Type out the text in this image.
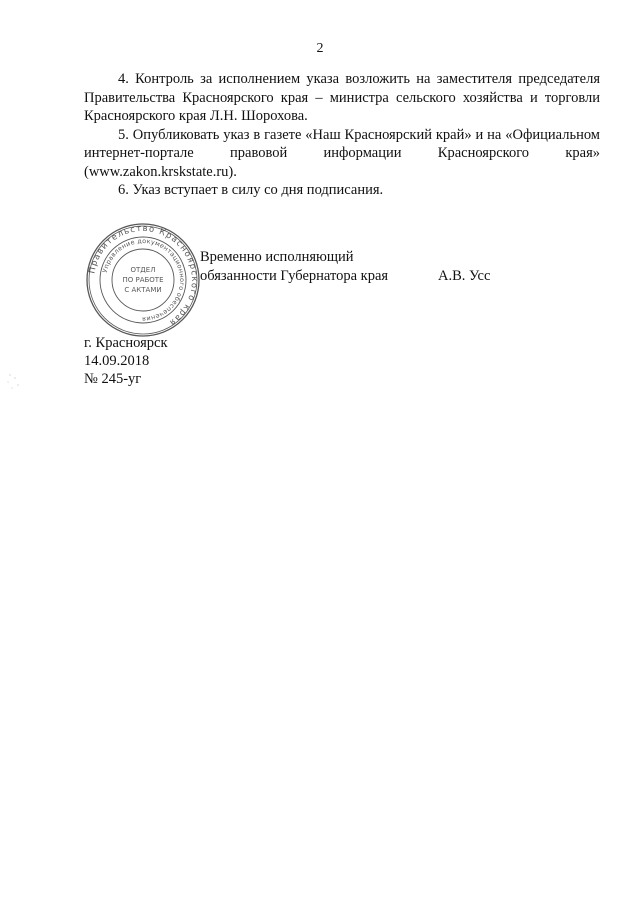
2

4. Контроль за исполнением указа возложить на заместителя председателя Правительства Красноярского края – министра сельского хозяйства и торговли Красноярского края Л.Н. Шорохова.

5. Опубликовать указ в газете «Наш Красноярский край» и на «Официальном интернет-портале правовой информации Красноярского края» (www.zakon.krskstate.ru).

6. Указ вступает в силу со дня подписания.

Правительство Красноярского края
Управление документационного обеспечения
ОТДЕЛ
ПО РАБОТЕ
С АКТАМИ
Временно исполняющий
обязанности Губернатора края	А.В. Усс
г. Красноярск
14.09.2018
№ 245-уг
